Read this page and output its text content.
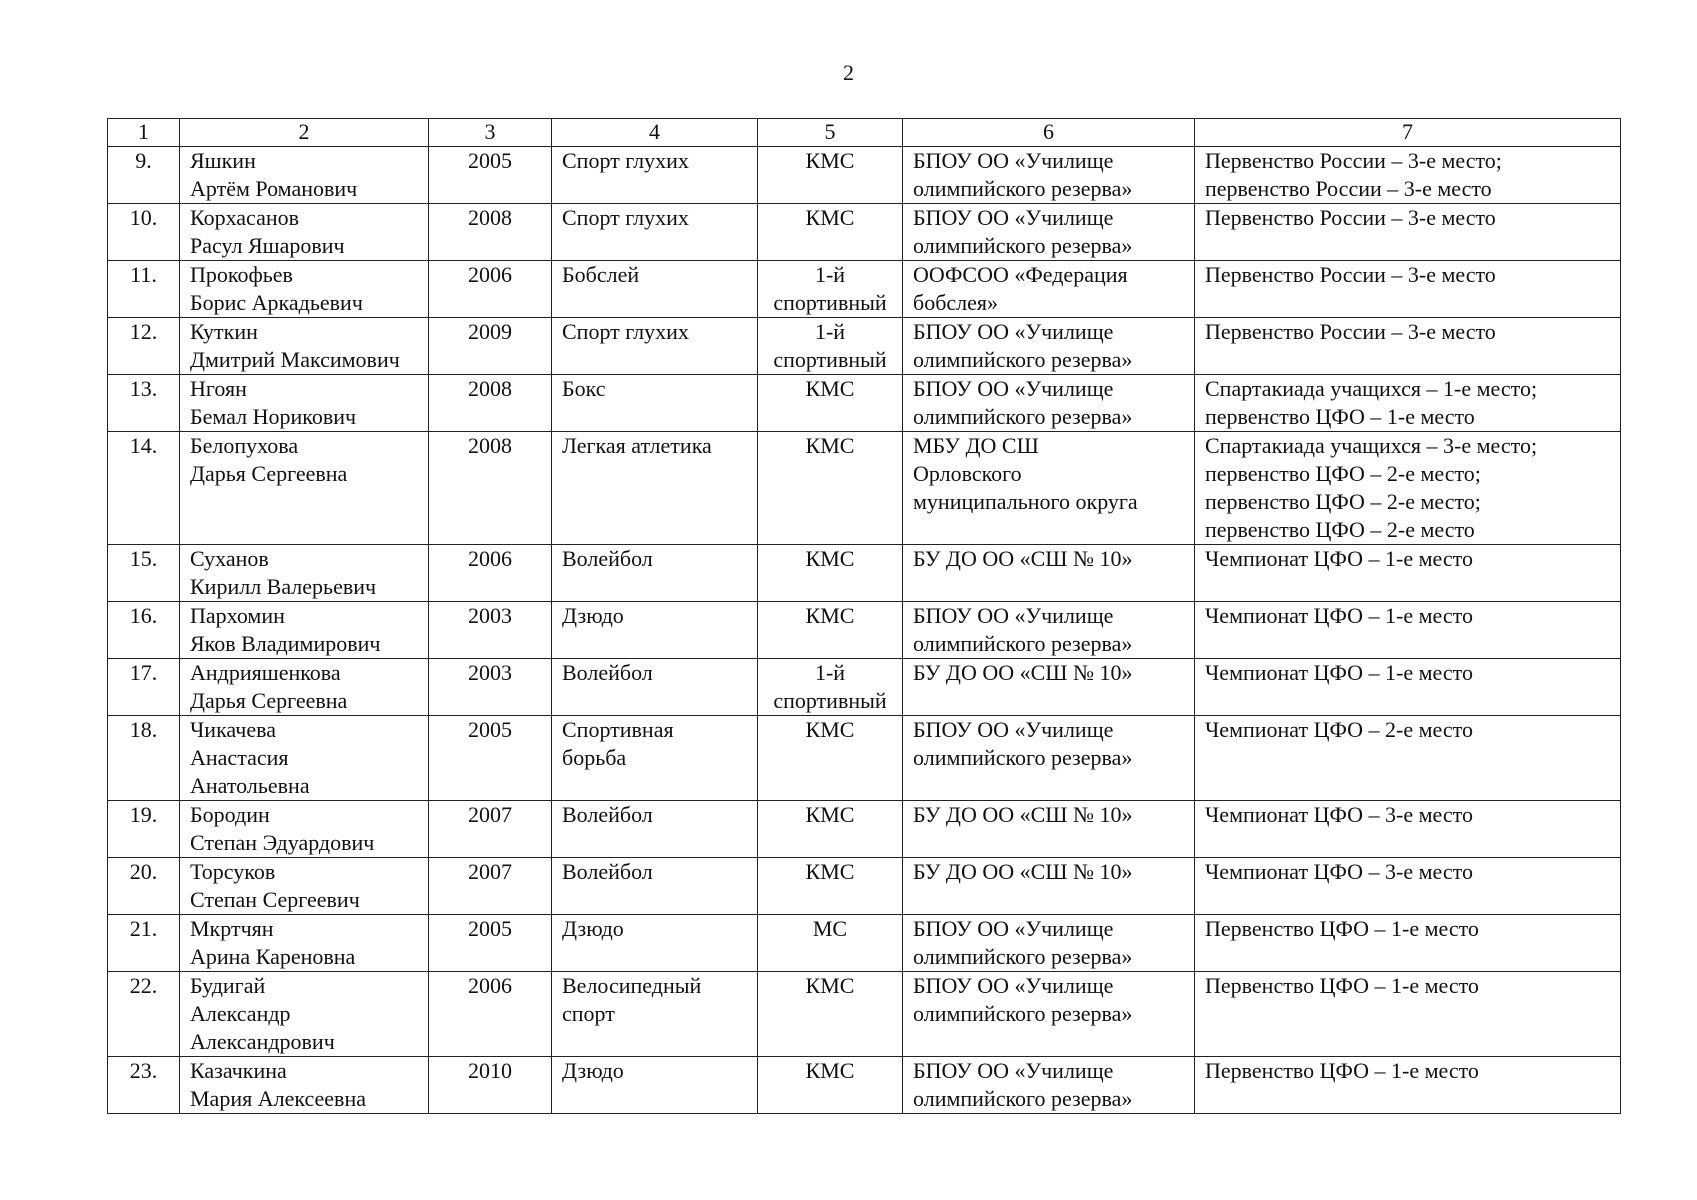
2
1	2	3	4	5	6	7
9.	Яшкин
Артём Романович	2005	Спорт глухих	КМС	БПОУ ОО «Училище
олимпийского резерва»	Первенство России – 3-е место;
первенство России – 3-е место

10.	Корхасанов
Расул Яшарович	2008	Спорт глухих	КМС	БПОУ ОО «Училище
олимпийского резерва»	Первенство России – 3-е место

11.	Прокофьев
Борис Аркадьевич	2006	Бобслей	1-й
спортивный	ООФСОО «Федерация
бобслея»	Первенство России – 3-е место

12.	Куткин
Дмитрий Максимович	2009	Спорт глухих	1-й
спортивный	БПОУ ОО «Училище
олимпийского резерва»	Первенство России – 3-е место

13.	Нгоян
Бемал Норикович	2008	Бокс	КМС	БПОУ ОО «Училище
олимпийского резерва»	Спартакиада учащихся – 1-е место;
первенство ЦФО – 1-е место

14.	Белопухова
Дарья Сергеевна	2008	Легкая атлетика	КМС	МБУ ДО СШ
Орловского
муниципального округа	Спартакиада учащихся – 3-е место;
первенство ЦФО – 2-е место;
первенство ЦФО – 2-е место;
первенство ЦФО – 2-е место

15.	Суханов
Кирилл Валерьевич	2006	Волейбол	КМС	БУ ДО ОО «СШ № 10»	Чемпионат ЦФО – 1-е место

16.	Пархомин
Яков Владимирович	2003	Дзюдо	КМС	БПОУ ОО «Училище
олимпийского резерва»	Чемпионат ЦФО – 1-е место

17.	Андрияшенкова
Дарья Сергеевна	2003	Волейбол	1-й
спортивный	БУ ДО ОО «СШ № 10»	Чемпионат ЦФО – 1-е место

18.	Чикачева
Анастасия
Анатольевна	2005	Спортивная
борьба	КМС	БПОУ ОО «Училище
олимпийского резерва»	Чемпионат ЦФО – 2-е место

19.	Бородин
Степан Эдуардович	2007	Волейбол	КМС	БУ ДО ОО «СШ № 10»	Чемпионат ЦФО – 3-е место

20.	Торсуков
Степан Сергеевич	2007	Волейбол	КМС	БУ ДО ОО «СШ № 10»	Чемпионат ЦФО – 3-е место

21.	Мкртчян
Арина Кареновна	2005	Дзюдо	МС	БПОУ ОО «Училище
олимпийского резерва»	Первенство ЦФО – 1-е место

22.	Будигай
Александр
Александрович	2006	Велосипедный
спорт	КМС	БПОУ ОО «Училище
олимпийского резерва»	Первенство ЦФО – 1-е место

23.	Казачкина
Мария Алексеевна	2010	Дзюдо	КМС	БПОУ ОО «Училище
олимпийского резерва»	Первенство ЦФО – 1-е место
